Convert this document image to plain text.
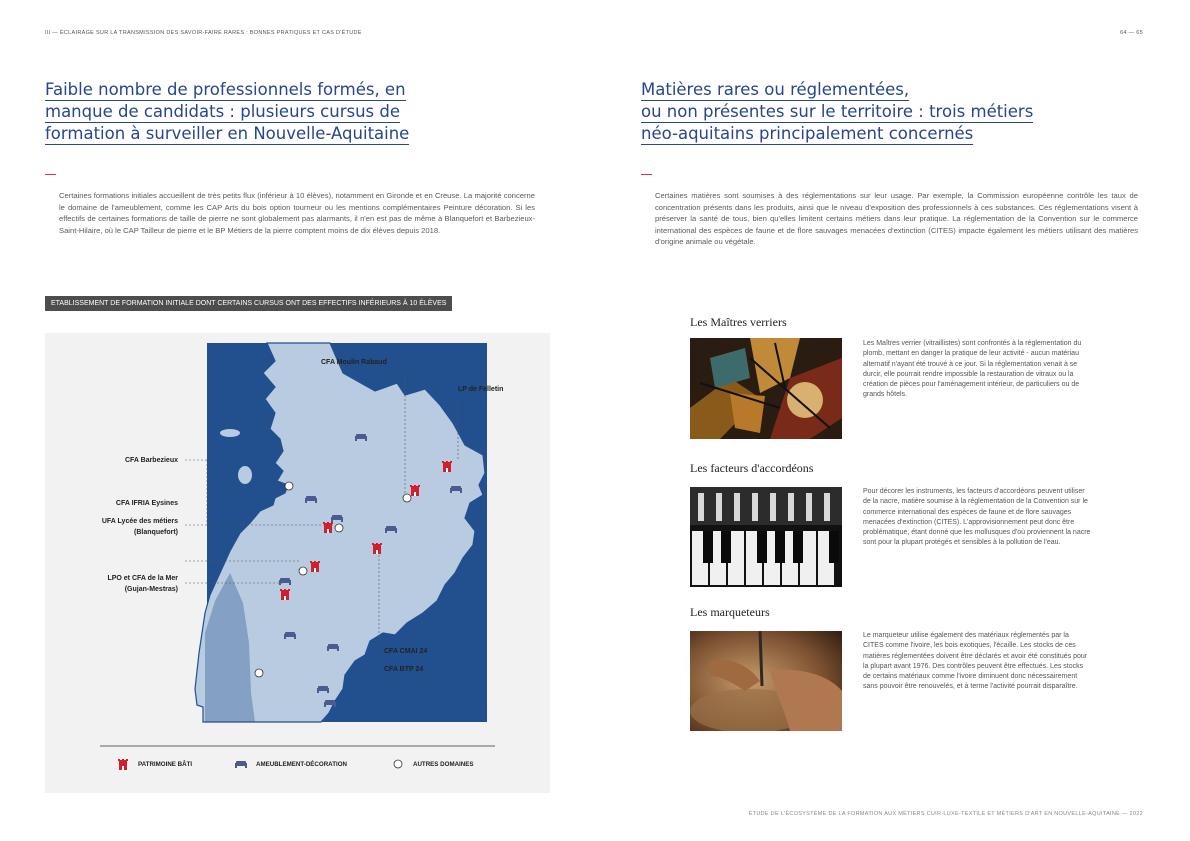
III — ÉCLAIRAGE SUR LA TRANSMISSION DES SAVOIR-FAIRE RARES : BONNES PRATIQUES ET CAS D'ÉTUDE	64 — 65
Faible nombre de professionnels formés, en
manque de candidats : plusieurs cursus de
formation à surveiller en Nouvelle-Aquitaine
Certaines formations initiales accueillent de très petits flux (inférieur à 10 élèves), notamment en Gironde et en Creuse. La majorité concerne le domaine de l'ameublement, comme les CAP Arts du bois option tourneur ou les mentions complémentaires Peinture décoration. Si les effectifs de certaines formations de taille de pierre ne sont globalement pas alarmants, il n'en est pas de même à Blanquefort et Barbezieux-Saint-Hilaire, où le CAP Tailleur de pierre et le BP Métiers de la pierre comptent moins de dix élèves depuis 2018.
ETABLISSEMENT DE FORMATION INITIALE DONT CERTAINS CURSUS ONT DES EFFECTIFS INFÉRIEURS À 10 ÉLÈVES
CFA Moulin Rabaud
LP de Felletin
CFA Barbezieux
CFA IFRIA Eysines
UFA Lycée des métiers
(Blanquefort)
LPO et CFA de la Mer
(Gujan-Mestras)
CFA CMAI 24
CFA BTP 24
PATRIMOINE BÂTI	AMEUBLEMENT-DÉCORATION	AUTRES DOMAINES
Matières rares ou réglementées,
ou non présentes sur le territoire : trois métiers
néo-aquitains principalement concernés
Certaines matières sont soumises à des réglementations sur leur usage. Par exemple, la Commission européenne contrôle les taux de concentration présents dans les produits, ainsi que le niveau d'exposition des professionnels à ces substances. Ces réglementations visent à préserver la santé de tous, bien qu'elles limitent certains métiers dans leur pratique. La réglementation de la Convention sur le commerce international des espèces de faune et de flore sauvages menacées d'extinction (CITES) impacte également les métiers utilisant des matières d'origine animale ou végétale.
Les Maîtres verriers
Les Maîtres verrier (vitraillistes) sont confrontés à la réglementation du plomb, mettant en danger la pratique de leur activité - aucun matériau alternatif n'ayant été trouvé à ce jour. Si la réglementation venait à se durcir, elle pourrait rendre impossible la restauration de vitraux ou la création de pièces pour l'aménagement intérieur, de particuliers ou de grands hôtels.
Les facteurs d'accordéons
Pour décorer les instruments, les facteurs d'accordéons peuvent utiliser de la nacre, matière soumise à la réglementation de la Convention sur le commerce international des espèces de faune et de flore sauvages menacées d'extinction (CITES). L'approvisionnement peut donc être problématique, étant donné que les mollusques d'où proviennent la nacre sont pour la plupart protégés et sensibles à la pollution de l'eau.
Les marqueteurs
Le marqueteur utilise également des matériaux réglementés par la CITES comme l'ivoire, les bois exotiques, l'écaille. Les stocks de ces matières réglementées doivent être déclarés et avoir été constitués pour la plupart avant 1976. Des contrôles peuvent être effectués. Les stocks de certains matériaux comme l'ivoire diminuent donc nécessairement sans pouvoir être renouvelés, et à terme l'activité pourrait disparaître.
ÉTUDE DE L'ÉCOSYSTÈME DE LA FORMATION AUX MÉTIERS CUIR-LUXE-TEXTILE ET MÉTIERS D'ART EN NOUVELLE-AQUITAINE — 2022
